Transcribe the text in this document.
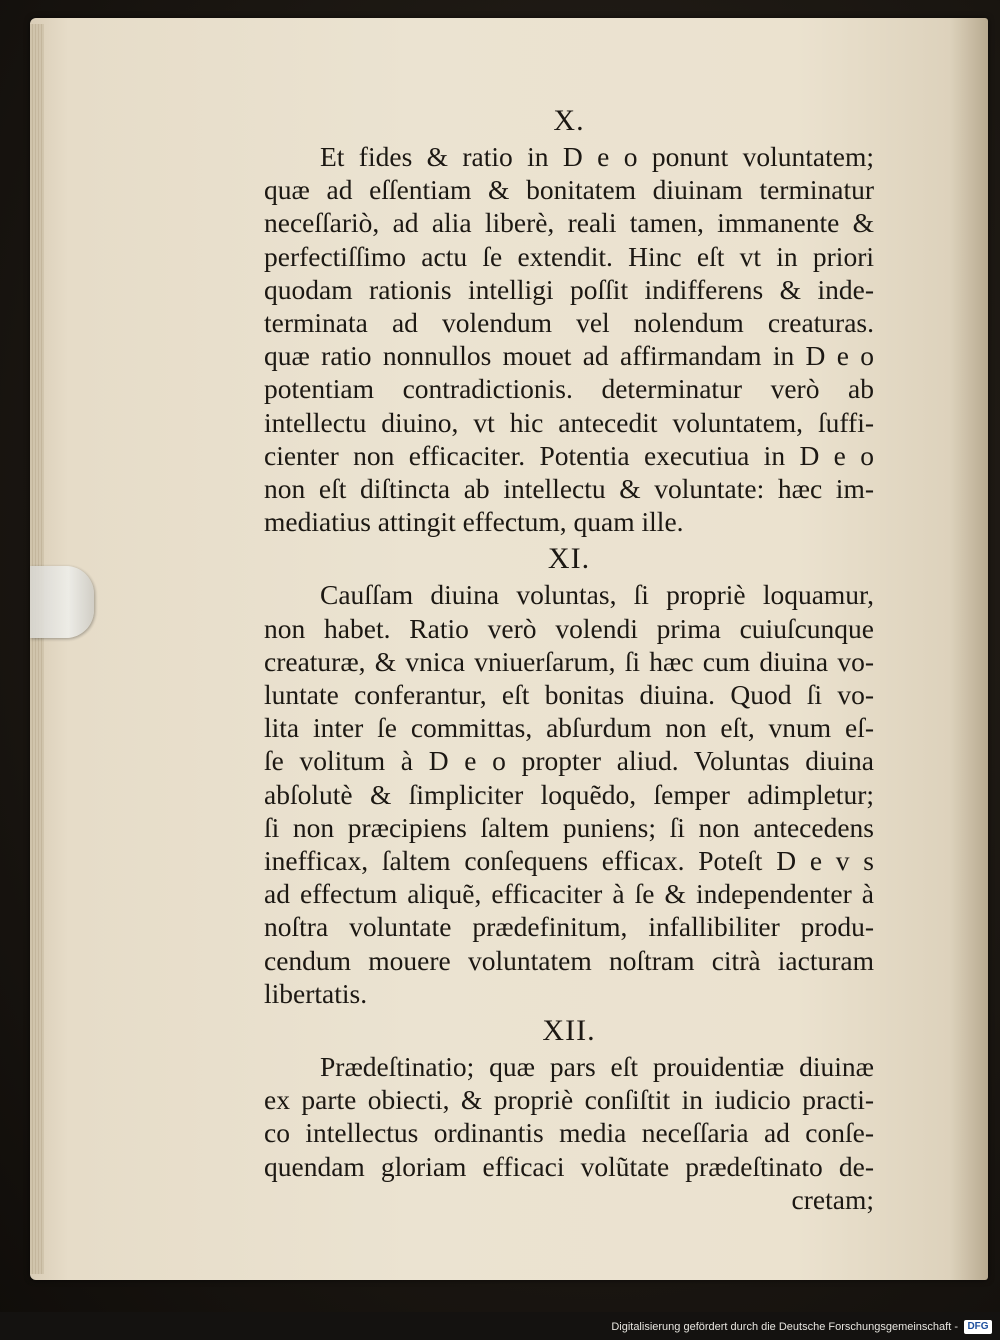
X.
Et fides & ratio in D e o ponunt voluntatem;
quæ ad eſſentiam & bonitatem diuinam terminatur
neceſſariò, ad alia liberè, reali tamen, immanente &
perfectiſſimo actu ſe extendit. Hinc eſt vt in priori
quodam rationis intelligi poſſit indifferens & inde-
terminata ad volendum vel nolendum creaturas.
quæ ratio nonnullos mouet ad affirmandam in D e o
potentiam contradictionis. determinatur verò ab
intellectu diuino, vt hic antecedit voluntatem, ſuffi-
cienter non efficaciter. Potentia executiua in D e o
non eſt diſtincta ab intellectu & voluntate: hæc im-
mediatius attingit effectum, quam ille.
XI.
Cauſſam diuina voluntas, ſi propriè loquamur,
non habet. Ratio verò volendi prima cuiuſcunque
creaturæ, & vnica vniuerſarum, ſi hæc cum diuina vo-
luntate conferantur, eſt bonitas diuina. Quod ſi vo-
lita inter ſe committas, abſurdum non eſt, vnum eſ-
ſe volitum à D e o propter aliud. Voluntas diuina
abſolutè & ſimpliciter loquẽdo, ſemper adimpletur;
ſi non præcipiens ſaltem puniens; ſi non antecedens
inefficax, ſaltem conſequens efficax. Poteſt D e v s
ad effectum aliquẽ, efficaciter à ſe & independenter à
noſtra voluntate prædefinitum, infallibiliter produ-
cendum mouere voluntatem noſtram citrà iacturam
libertatis.
XII.
Prædeſtinatio; quæ pars eſt prouidentiæ diuinæ
ex parte obiecti, & propriè conſiſtit in iudicio practi-
co intellectus ordinantis media neceſſaria ad conſe-
quendam gloriam efficaci volũtate prædeſtinato de-
cretam;
Digitalisierung gefördert durch die Deutsche Forschungsgemeinschaft - DFG
